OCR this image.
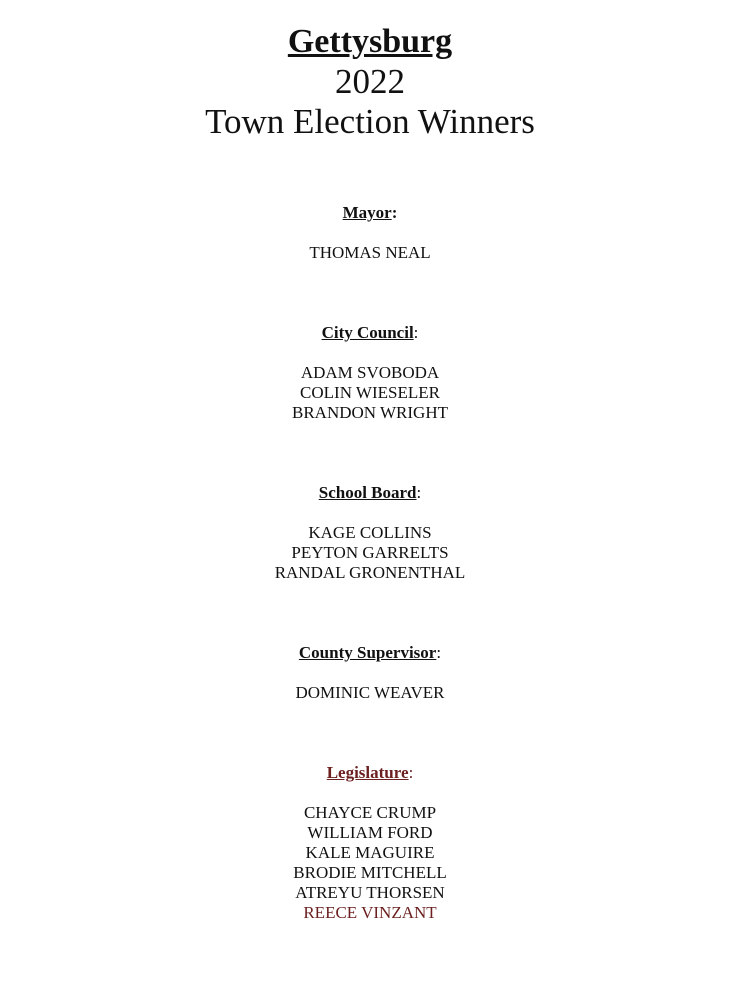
Gettysburg
2022
Town Election Winners
Mayor:
THOMAS NEAL
City Council:
ADAM SVOBODA
COLIN WIESELER
BRANDON WRIGHT
School Board:
KAGE COLLINS
PEYTON GARRELTS
RANDAL GRONENTHAL
County Supervisor:
DOMINIC WEAVER
Legislature:
CHAYCE CRUMP
WILLIAM FORD
KALE MAGUIRE
BRODIE MITCHELL
ATREYU THORSEN
REECE VINZANT
